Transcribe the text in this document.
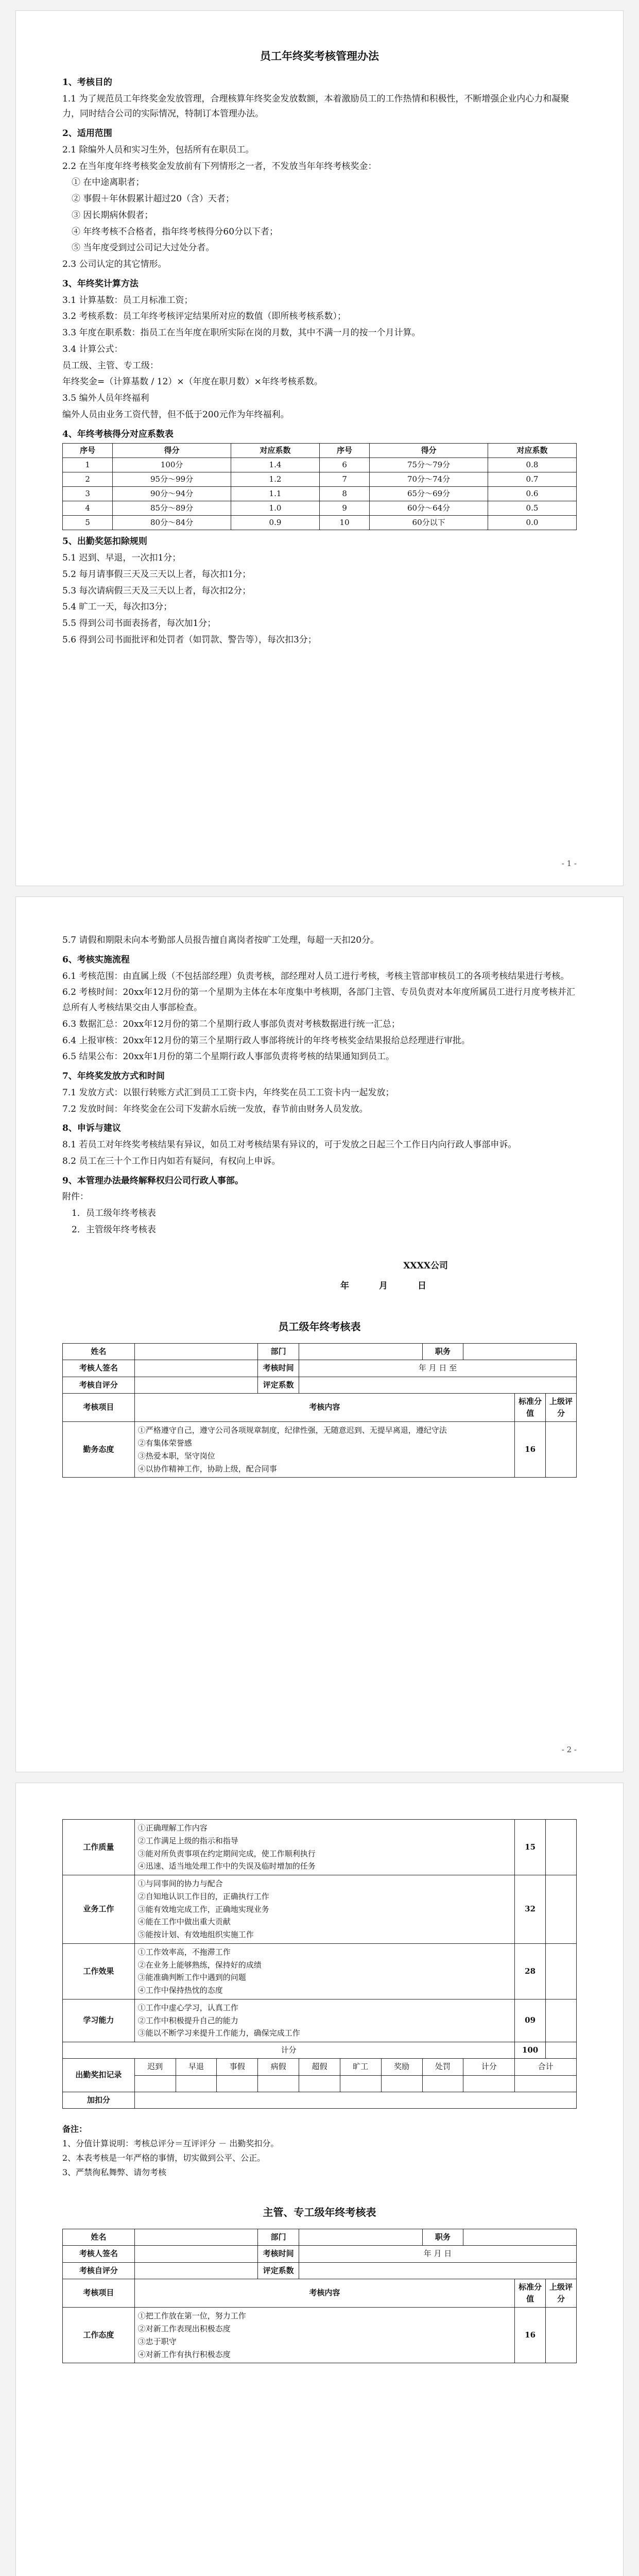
员工年终奖考核管理办法
1、考核目的

1.1 为了规范员工年终奖金发放管理，合理核算年终奖金发放数额，本着激励员工的工作热情和积极性，不断增强企业内心力和凝聚力，同时结合公司的实际情况，特制订本管理办法。

2、适用范围

2.1 除编外人员和实习生外，包括所有在职员工。

2.2 在当年度年终考核奖金发放前有下列情形之一者，不发放当年年终考核奖金：

① 在中途离职者；

② 事假＋年休假累计超过20（含）天者；

③ 因长期病休假者；

④ 年终考核不合格者，指年终考核得分60分以下者；

⑤ 当年度受到过公司记大过处分者。

2.3 公司认定的其它情形。

3、年终奖计算方法

3.1 计算基数：员工月标准工资；

3.2 考核系数：员工年终考核评定结果所对应的数值（即所核考核系数）；

3.3 年度在职系数：指员工在当年度在职所实际在岗的月数，其中不满一月的按一个月计算。

3.4 计算公式：

员工级、主管、专工级：

年终奖金=（计算基数 / 12）×（年度在职月数）×年终考核系数。

3.5 编外人员年终福利

编外人员由业务工资代替，但不低于200元作为年终福利。

4、年终考核得分对应系数表
序号	得分	对应系数	序号	得分	对应系数
1	100分	1.4	6	75分～79分	0.8
2	95分～99分	1.2	7	70分～74分	0.7
3	90分～94分	1.1	8	65分～69分	0.6
4	85分～89分	1.0	9	60分～64分	0.5
5	80分～84分	0.9	10	60分以下	0.0
5、出勤奖惩扣除规则

5.1 迟到、早退，一次扣1分；

5.2 每月请事假三天及三天以上者，每次扣1分；

5.3 每次请病假三天及三天以上者，每次扣2分；

5.4 旷工一天，每次扣3分；

5.5 得到公司书面表扬者，每次加1分；

5.6 得到公司书面批评和处罚者（如罚款、警告等），每次扣3分；

- 1 -

5.7 请假和期限未向本考勤部人员报告擅自离岗者按旷工处理，每超一天扣20分。

6、考核实施流程

6.1 考核范围：由直属上级（不包括部经理）负责考核，部经理对人员工进行考核，考核主管部审核员工的各项考核结果进行考核。

6.2 考核时间：20xx年12月份的第一个星期为主体在本年度集中考核期，各部门主管、专员负责对本年度所属员工进行月度考核并汇总所有人考核结果交由人事部检查。

6.3 数据汇总：20xx年12月份的第二个星期行政人事部负责对考核数据进行统一汇总；

6.4 上报审核：20xx年12月份的第三个星期行政人事部将统计的年终考核奖金结果报给总经理进行审批。

6.5 结果公布：20xx年1月份的第二个星期行政人事部负责将考核的结果通知到员工。

7、年终奖发放方式和时间

7.1 发放方式：以银行转账方式汇到员工工资卡内，年终奖在员工工资卡内一起发放；

7.2 发放时间：年终奖金在公司下发薪水后统一发放，春节前由财务人员发放。

8、申诉与建议

8.1 若员工对年终奖考核结果有异议，如员工对考核结果有异议的，可于发放之日起三个工作日内向行政人事部申诉。

8.2 员工在三十个工作日内如若有疑问，有权向上申诉。

9、本管理办法最终解释权归公司行政人事部。

附件：

1．员工级年终考核表

2．主管级年终考核表

XXXX公司
年	月	日
员工级年终考核表
姓名		部门		职务			
考核人签名		考核时间	年 月 日 至				
考核自评分		评定系数					
考核项目	考核内容					标准分值	上级评分
勤务态度	①严格遵守自己，遵守公司各项规章制度，纪律性强，无随意迟到、无提早离退，遵纪守法
②有集体荣誉感
③热爱本职，坚守岗位
④以协作精神工作，协助上级，配合同事					16	
- 2 -
工作质量	①正确理解工作内容
②工作满足上级的指示和指导
③能对所负责事项在约定期间完成，使工作顺利执行
④迅速、适当地处理工作中的失误及临时增加的任务									15	
业务工作	①与同事间的协力与配合
②自知地认识工作目的，正确执行工作
③能有效地完成工作，正确地实现业务
④能在工作中做出重大贡献
⑤能按计划、有效地组织实施工作									32	
工作效果	①工作效率高，不拖滞工作
②在业务上能够熟练，保持好的成绩
③能准确判断工作中遇到的问题
④工作中保持热忱的态度									28	
学习能力	①工作中虚心学习，认真工作
②工作中积极提升自己的能力
③能以不断学习来提升工作能力，确保完成工作									09	
计分										100	
出勤奖扣记录	迟到	早退	事假	病假	超假	旷工	奖励	处罚	计分	合计	

加扣分											
备注：
1、分值计算说明：考核总评分＝互评评分 － 出勤奖扣分。
2、本表考核是一年严格的事情，切实做到公平、公正。
3、严禁徇私舞弊、请勿考核
主管、专工级年终考核表
姓名		部门		职务			
考核人签名		考核时间	年 月 日				
考核自评分		评定系数					
考核项目	考核内容					标准分值	上级评分
工作态度	①把工作放在第一位，努力工作
②对新工作表现出积极态度
③忠于职守
④对新工作有执行积极态度					16	
